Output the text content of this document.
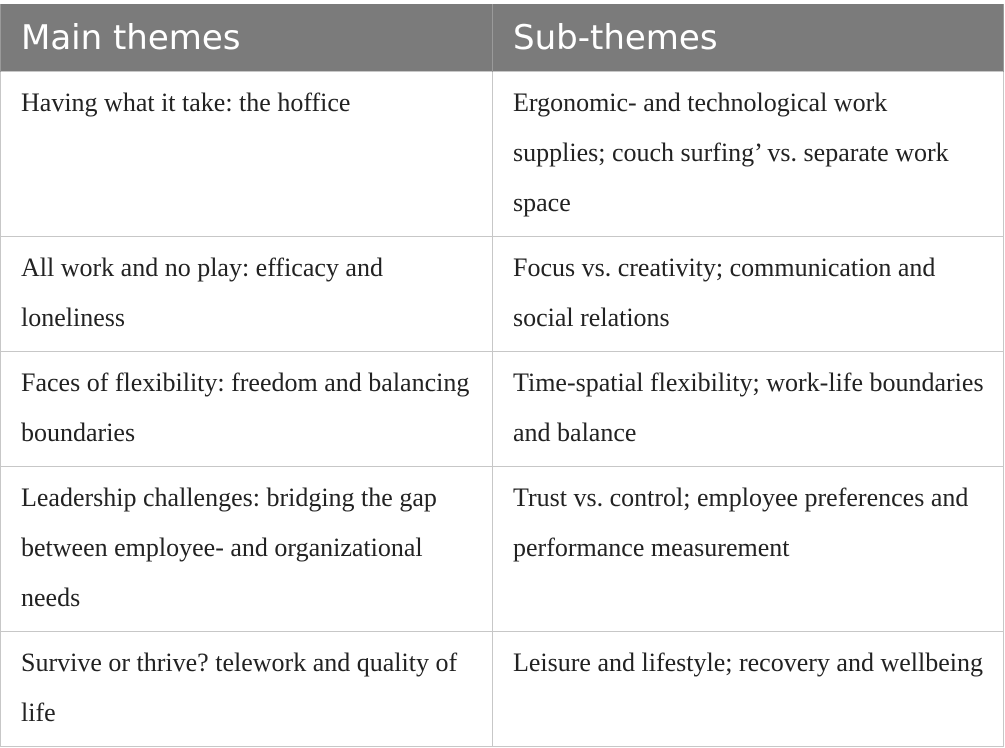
Main themes	Sub-themes
Having what it take: the hoffice	Ergonomic- and technological work supplies; couch surfing’ vs. separate work space
All work and no play: efficacy and loneliness	Focus vs. creativity; communication and social relations
Faces of flexibility: freedom and balancing boundaries	Time-spatial flexibility; work-life boundaries and balance
Leadership challenges: bridging the gap between employee- and organizational needs	Trust vs. control; employee preferences and performance measurement
Survive or thrive? telework and quality of life	Leisure and lifestyle; recovery and wellbeing
